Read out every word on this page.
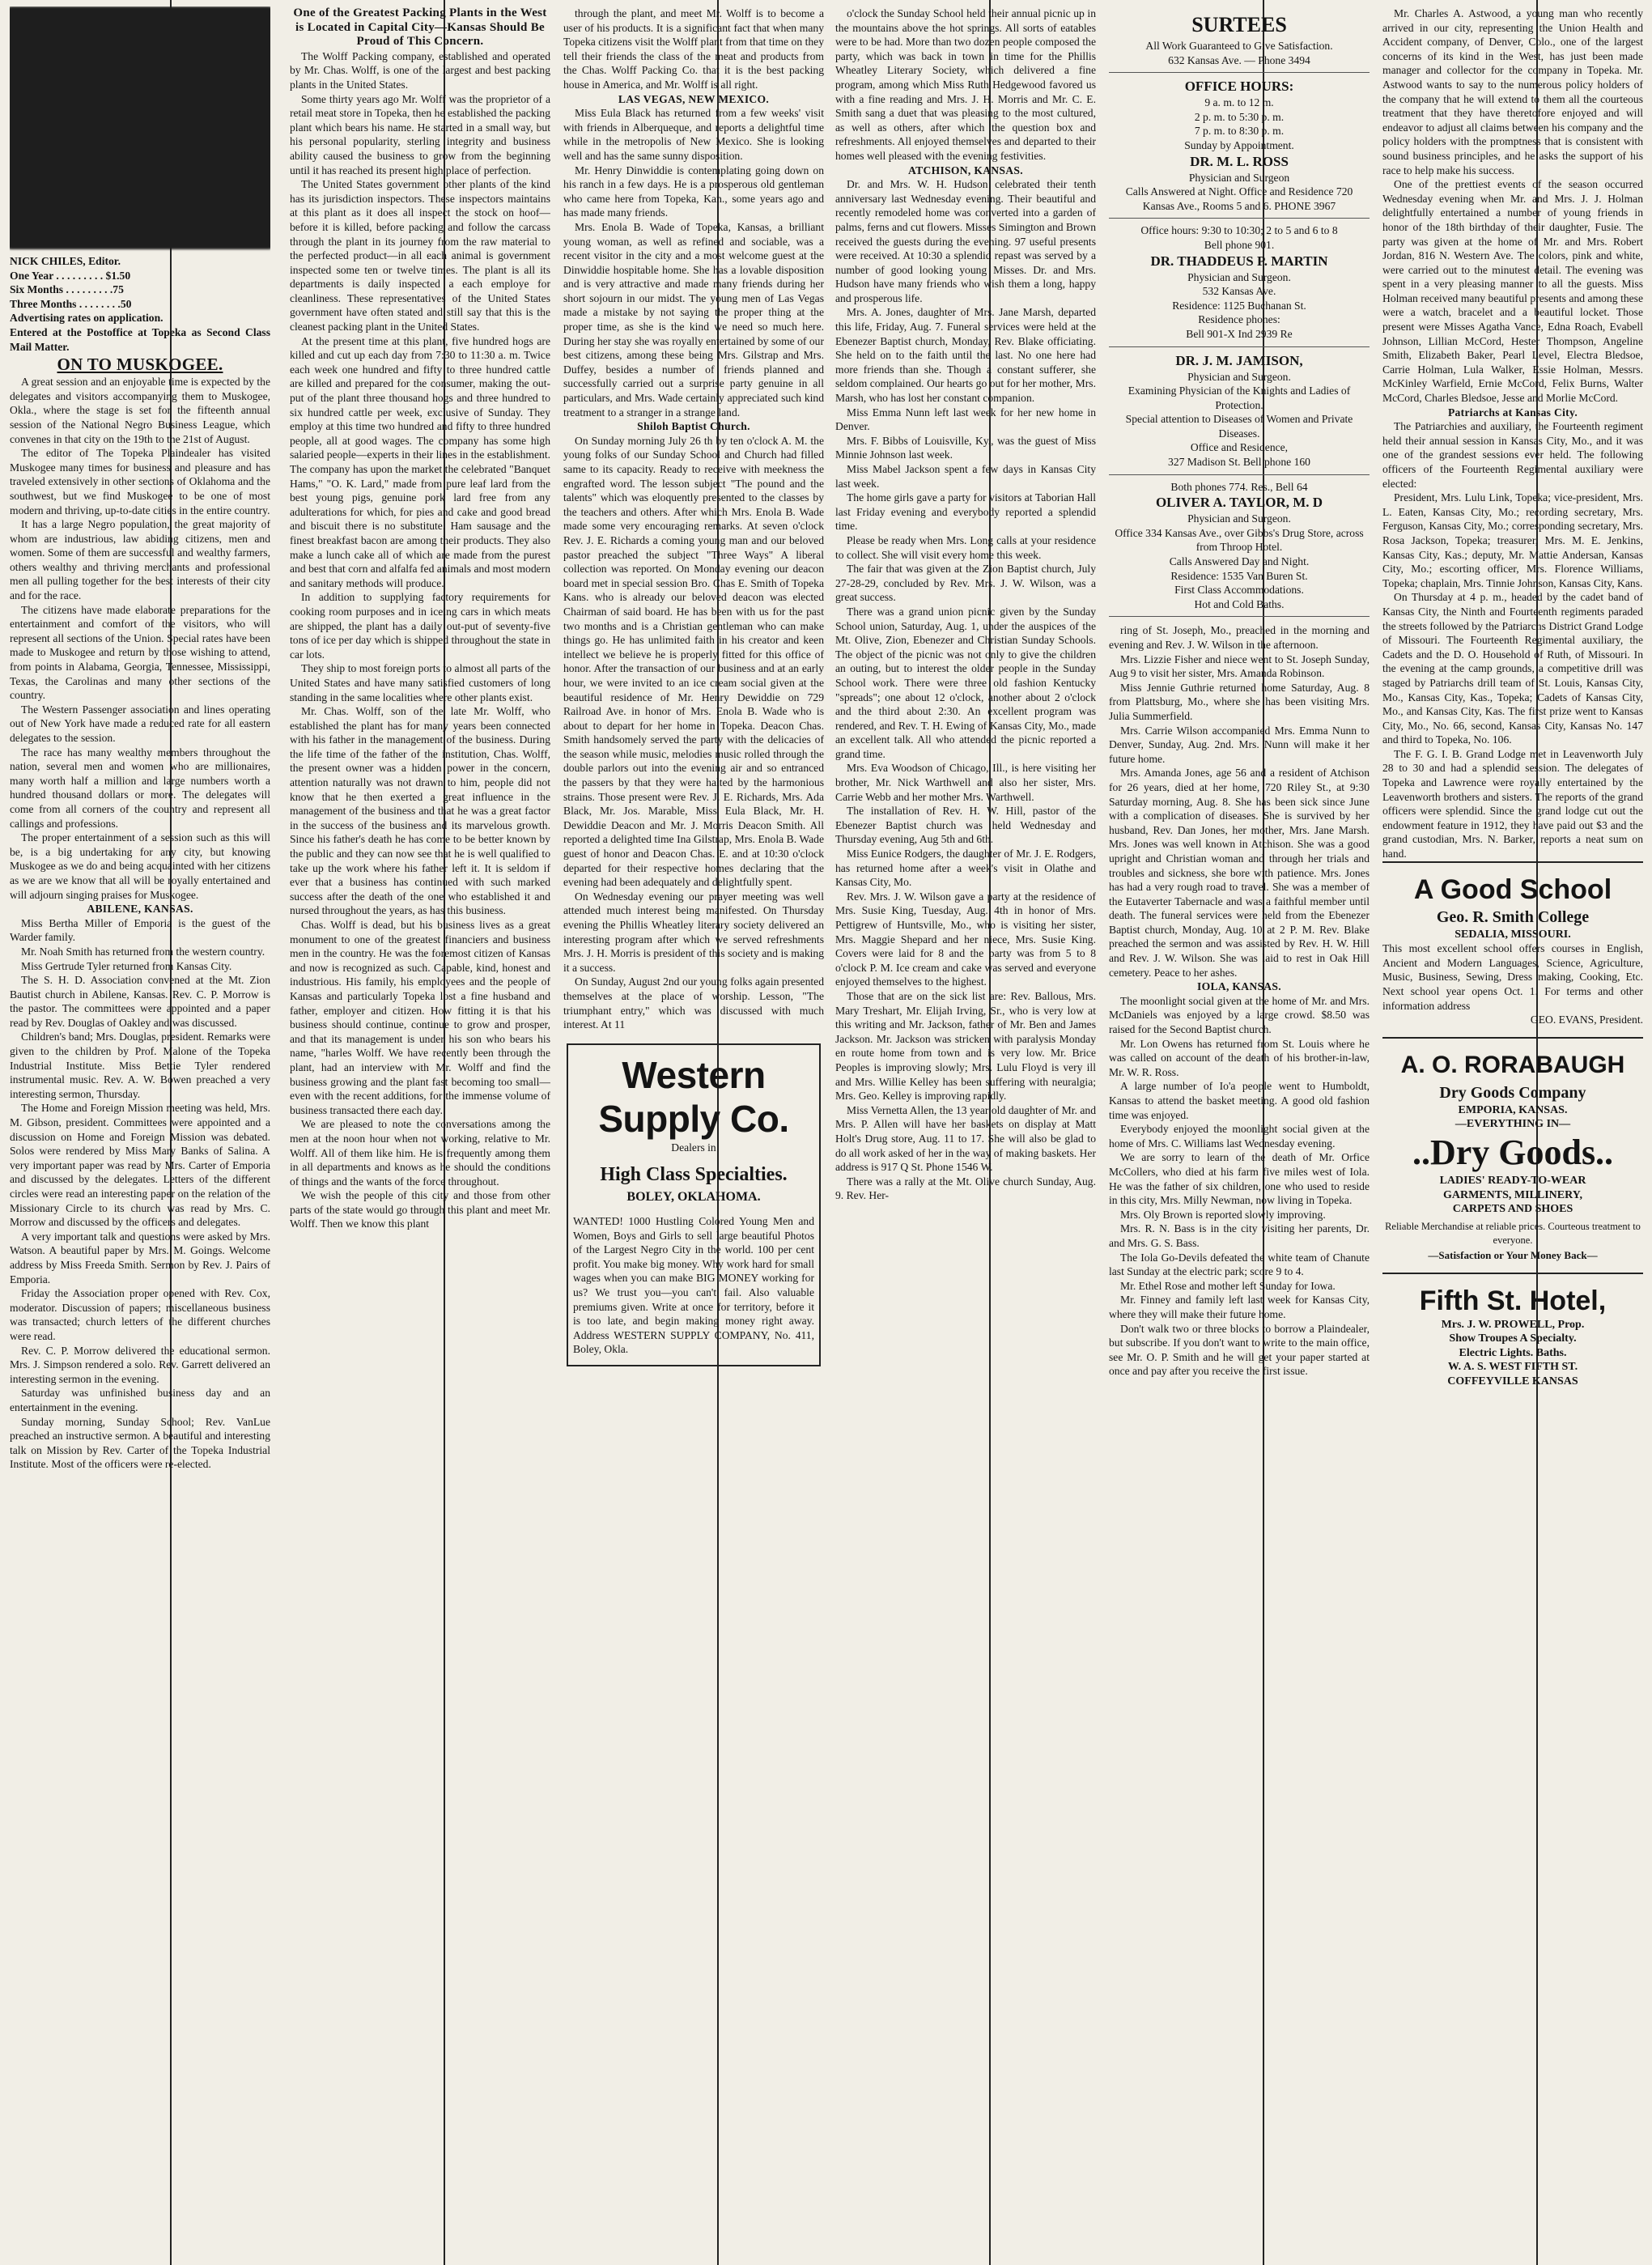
NICK CHILES, Editor.

One Year . . . . . . . . . $1.50

Six Months . . . . . . . . .75

Three Months . . . . . . . .50

Advertising rates on application.

Entered at the Postoffice at Topeka as Second Class Mail Matter.

ON TO MUSKOGEE.

A great session and an enjoyable time is expected by the delegates and visitors accompanying them to Muskogee, Okla., where the stage is set for the fifteenth annual session of the National Negro Business League, which convenes in that city on the 19th to the 21st of August.

The editor of The Topeka Plaindealer has visited Muskogee many times for business and pleasure and has traveled extensively in other sections of Oklahoma and the southwest, but we find Muskogee to be one of most modern and thriving, up-to-date cities in the entire country.

It has a large Negro population, the great majority of whom are industrious, law abiding citizens, men and women. Some of them are successful and wealthy farmers, others wealthy and thriving merchants and professional men all pulling together for the best interests of their city and for the race.

The citizens have made elaborate preparations for the entertainment and comfort of the visitors, who will represent all sections of the Union. Special rates have been made to Muskogee and return by those wishing to attend, from points in Alabama, Georgia, Tennessee, Mississippi, Texas, the Carolinas and many other sections of the country.

The Western Passenger association and lines operating out of New York have made a reduced rate for all eastern delegates to the session.

The race has many wealthy members throughout the nation, several men and women who are millionaires, many worth half a million and large numbers worth a hundred thousand dollars or more. The delegates will come from all corners of the country and represent all callings and professions.

The proper entertainment of a session such as this will be, is a big undertaking for any city, but knowing Muskogee as we do and being acquainted with her citizens as we are we know that all will be royally entertained and will adjourn singing praises for Muskogee.

ABILENE, KANSAS.

Miss Bertha Miller of Emporia is the guest of the Warder family.

Mr. Noah Smith has returned from the western country.

Miss Gertrude Tyler returned from Kansas City.

The S. H. D. Association convened at the Mt. Zion Bautist church in Abilene, Kansas. Rev. C. P. Morrow is the pastor. The committees were appointed and a paper read by Rev. Douglas of Oakley and was discussed.

Children's band; Mrs. Douglas, president. Remarks were given to the children by Prof. Malone of the Topeka Industrial Institute. Miss Bettie Tyler rendered instrumental music. Rev. A. W. Bowen preached a very interesting sermon, Thursday.

The Home and Foreign Mission meeting was held, Mrs. M. Gibson, president. Committees were appointed and a discussion on Home and Foreign Mission was debated. Solos were rendered by Miss Mary Banks of Salina. A very important paper was read by Mrs. Carter of Emporia and discussed by the delegates. Letters of the different circles were read an interesting paper on the relation of the Missionary Circle to its church was read by Mrs. C. Morrow and discussed by the officers and delegates.

A very important talk and questions were asked by Mrs. Watson. A beautiful paper by Mrs. M. Goings. Welcome address by Miss Freeda Smith. Sermon by Rev. J. Pairs of Emporia.

Friday the Association proper opened with Rev. Cox, moderator. Discussion of papers; miscellaneous business was transacted; church letters of the different churches were read.

Rev. C. P. Morrow delivered the educational sermon. Mrs. J. Simpson rendered a solo. Rev. Garrett delivered an interesting sermon in the evening.

Saturday was unfinished business day and an entertainment in the evening.

Sunday morning, Sunday School; Rev. VanLue preached an instructive sermon. A beautiful and interesting talk on Mission by Rev. Carter of the Topeka Industrial Institute. Most of the officers were re-elected.

One of the Greatest Packing Plants in the West is Located in Capital City—Kansas Should Be Proud of This Concern.

The Wolff Packing company, established and operated by Mr. Chas. Wolff, is one of the largest and best packing plants in the United States.

Some thirty years ago Mr. Wolff was the proprietor of a retail meat store in Topeka, then he established the packing plant which bears his name. He started in a small way, but his personal popularity, sterling integrity and business ability caused the business to grow from the beginning until it has reached its present high place of perfection.

The United States government other plants of the kind has its jurisdiction inspectors. These inspectors maintains at this plant as it does all inspect the stock on hoof—before it is killed, before packing and follow the carcass through the plant in its journey from the raw material to the perfected product—in all each animal is government inspected some ten or twelve times. The plant is all its departments is daily inspected a each employe for cleanliness. These representatives of the United States government have often stated and still say that this is the cleanest packing plant in the United States.

At the present time at this plant, five hundred hogs are killed and cut up each day from 7:30 to 11:30 a. m. Twice each week one hundred and fifty to three hundred cattle are killed and prepared for the consumer, making the out-put of the plant three thousand hogs and three hundred to six hundred cattle per week, exclusive of Sunday. They employ at this time two hundred and fifty to three hundred people, all at good wages. The company has some high salaried people—experts in their lines in the establishment. The company has upon the market the celebrated "Banquet Hams," "O. K. Lard," made from pure leaf lard from the best young pigs, genuine pork lard free from any adulterations for which, for pies and cake and good bread and biscuit there is no substitute. Ham sausage and the finest breakfast bacon are among their products. They also make a lunch cake all of which are made from the purest and best that corn and alfalfa fed animals and most modern and sanitary methods will produce.

In addition to supplying factory requirements for cooking room purposes and in iceing cars in which meats are shipped, the plant has a daily out-put of seventy-five tons of ice per day which is shipped throughout the state in car lots.

They ship to most foreign ports to almost all parts of the United States and have many satisfied customers of long standing in the same localities where other plants exist.

Mr. Chas. Wolff, son of the late Mr. Wolff, who established the plant has for many years been connected with his father in the management of the business. During the life time of the father of the institution, Chas. Wolff, the present owner was a hidden power in the concern, attention naturally was not drawn to him, people did not know that he then exerted a great influence in the management of the business and that he was a great factor in the success of the business and its marvelous growth. Since his father's death he has come to be better known by the public and they can now see that he is well qualified to take up the work where his father left it. It is seldom if ever that a business has continued with such marked success after the death of the one who established it and nursed throughout the years, as has this business.

Chas. Wolff is dead, but his business lives as a great monument to one of the greatest financiers and business men in the country. He was the foremost citizen of Kansas and now is recognized as such. Capable, kind, honest and industrious. His family, his employees and the people of Kansas and particularly Topeka lost a fine husband and father, employer and citizen. How fitting it is that his business should continue, continue to grow and prosper, and that its management is under his son who bears his name, "harles Wolff. We have recently been through the plant, had an interview with Mr. Wolff and find the business growing and the plant fast becoming too small—even with the recent additions, for the immense volume of business transacted there each day.

We are pleased to note the conversations among the men at the noon hour when not working, relative to Mr. Wolff. All of them like him. He is frequently among them in all departments and knows as he should the conditions of things and the wants of the force throughout.

We wish the people of this city and those from other parts of the state would go through this plant and meet Mr. Wolff. Then we know this plant

through the plant, and meet Mr. Wolff is to become a user of his products. It is a significant fact that when many Topeka citizens visit the Wolff plant from that time on they tell their friends the class of the meat and products from the Chas. Wolff Packing Co. that it is the best packing house in America, and Mr. Wolff is all right.

LAS VEGAS, NEW MEXICO.

Miss Eula Black has returned from a few weeks' visit with friends in Alberqueque, and reports a delightful time while in the metropolis of New Mexico. She is looking well and has the same sunny disposition.

Mr. Henry Dinwiddie is contemplating going down on his ranch in a few days. He is a prosperous old gentleman who came here from Topeka, Kan., some years ago and has made many friends.

Mrs. Enola B. Wade of Topeka, Kansas, a brilliant young woman, as well as refined and sociable, was a recent visitor in the city and a most welcome guest at the Dinwiddie hospitable home. She has a lovable disposition and is very attractive and made many friends during her short sojourn in our midst. The young men of Las Vegas made a mistake by not saying the proper thing at the proper time, as she is the kind we need so much here. During her stay she was royally entertained by some of our best citizens, among these being Mrs. Gilstrap and Mrs. Duffey, besides a number of friends planned and successfully carried out a surprise party genuine in all particulars, and Mrs. Wade certainly appreciated such kind treatment to a stranger in a strange land.

Shiloh Baptist Church.

On Sunday morning July 26 th by ten o'clock A. M. the young folks of our Sunday School and Church had filled same to its capacity. Ready to receive with meekness the engrafted word. The lesson subject "The pound and the talents" which was eloquently presented to the classes by the teachers and others. After which Mrs. Enola B. Wade made some very encouraging remarks. At seven o'clock Rev. J. E. Richards a coming young man and our beloved pastor preached the subject "Three Ways" A liberal collection was reported. On Monday evening our deacon board met in special session Bro. Chas E. Smith of Topeka Kans. who is already our beloved deacon was elected Chairman of said board. He has been with us for the past two months and is a Christian gentleman who can make things go. He has unlimited faith in his creator and keen intellect we believe he is properly fitted for this office of honor. After the transaction of our business and at an early hour, we were invited to an ice cream social given at the beautiful residence of Mr. Henry Dewiddie on 729 Railroad Ave. in honor of Mrs. Enola B. Wade who is about to depart for her home in Topeka. Deacon Chas. Smith handsomely served the party with the delicacies of the season while music, melodies music rolled through the double parlors out into the evening air and so entranced the passers by that they were halted by the harmonious strains. Those present were Rev. J. E. Richards, Mrs. Ada Black, Mr. Jos. Marable, Miss Eula Black, Mr. H. Dewiddie Deacon and Mr. J. Morris Deacon Smith. All reported a delighted time Ina Gilstrap, Mrs. Enola B. Wade guest of honor and Deacon Chas. E. and at 10:30 o'clock departed for their respective homes declaring that the evening had been adequately and delightfully spent.

On Wednesday evening our prayer meeting was well attended much interest being manifested. On Thursday evening the Phillis Wheatley literary society delivered an interesting program after which we served refreshments Mrs. J. H. Morris is president of this society and is making it a success.

On Sunday, August 2nd our young folks again presented themselves at the place of worship. Lesson, "The triumphant entry," which was discussed with much interest. At 11

Western Supply Co.
Dealers in
High Class Specialties.
BOLEY, OKLAHOMA.
WANTED! 1000 Hustling Colored Young Men and Women, Boys and Girls to sell large beautiful Photos of the Largest Negro City in the world. 100 per cent profit. You make big money. Why work hard for small wages when you can make BIG MONEY working for us? We trust you—you can't fail. Also valuable premiums given. Write at once for territory, before it is too late, and begin making money right away. Address WESTERN SUPPLY COMPANY, No. 411, Boley, Okla.

o'clock the Sunday School held their annual picnic up in the mountains above the hot springs. All sorts of eatables were to be had. More than two dozen people composed the party, which was back in town in time for the Phillis Wheatley Literary Society, which delivered a fine program, among which Miss Ruth Hedgewood favored us with a fine reading and Mrs. J. H. Morris and Mr. C. E. Smith sang a duet that was pleasing to the most cultured, as well as others, after which the question box and refreshments. All enjoyed themselves and departed to their homes well pleased with the evening festivities.

ATCHISON, KANSAS.

Dr. and Mrs. W. H. Hudson celebrated their tenth anniversary last Wednesday evening. Their beautiful and recently remodeled home was converted into a garden of palms, ferns and cut flowers. Misses Simington and Brown received the guests during the evening. 97 useful presents were received. At 10:30 a splendid repast was served by a number of good looking young Misses. Dr. and Mrs. Hudson have many friends who wish them a long, happy and prosperous life.

Mrs. A. Jones, daughter of Mrs. Jane Marsh, departed this life, Friday, Aug. 7. Funeral services were held at the Ebenezer Baptist church, Monday, Rev. Blake officiating. She held on to the faith until the last. No one here had more friends than she. Though a constant sufferer, she seldom complained. Our hearts go out for her mother, Mrs. Marsh, who has lost her constant companion.

Miss Emma Nunn left last week for her new home in Denver.

Mrs. F. Bibbs of Louisville, Ky., was the guest of Miss Minnie Johnson last week.

Miss Mabel Jackson spent a few days in Kansas City last week.

The home girls gave a party for visitors at Taborian Hall last Friday evening and everybody reported a splendid time.

Please be ready when Mrs. Long calls at your residence to collect. She will visit every home this week.

The fair that was given at the Zion Baptist church, July 27-28-29, concluded by Rev. Mrs. J. W. Wilson, was a great success.

There was a grand union picnic given by the Sunday School union, Saturday, Aug. 1, under the auspices of the Mt. Olive, Zion, Ebenezer and Christian Sunday Schools. The object of the picnic was not only to give the children an outing, but to interest the older people in the Sunday School work. There were three old fashion Kentucky "spreads"; one about 12 o'clock, another about 2 o'clock and the third about 2:30. An excellent program was rendered, and Rev. T. H. Ewing of Kansas City, Mo., made an excellent talk. All who attended the picnic reported a grand time.

Mrs. Eva Woodson of Chicago, Ill., is here visiting her brother, Mr. Nick Warthwell and also her sister, Mrs. Carrie Webb and her mother Mrs. Warthwell.

The installation of Rev. H. W. Hill, pastor of the Ebenezer Baptist church was held Wednesday and Thursday evening, Aug 5th and 6th.

Miss Eunice Rodgers, the daughter of Mr. J. E. Rodgers, has returned home after a week's visit in Olathe and Kansas City, Mo.

Rev. Mrs. J. W. Wilson gave a party at the residence of Mrs. Susie King, Tuesday, Aug. 4th in honor of Mrs. Pettigrew of Huntsville, Mo., who is visiting her sister, Mrs. Maggie Shepard and her niece, Mrs. Susie King. Covers were laid for 8 and the party was from 5 to 8 o'clock P. M. Ice cream and cake was served and everyone enjoyed themselves to the highest.

Those that are on the sick list are: Rev. Ballous, Mrs. Mary Treshart, Mr. Elijah Irving, Sr., who is very low at this writing and Mr. Jackson, father of Mr. Ben and James Jackson. Mr. Jackson was stricken with paralysis Monday en route home from town and is very low. Mr. Brice Peoples is improving slowly; Mrs. Lulu Floyd is very ill and Mrs. Willie Kelley has been suffering with neuralgia; Mrs. Geo. Kelley is improving rapidly.

Miss Vernetta Allen, the 13 year old daughter of Mr. and Mrs. P. Allen will have her baskets on display at Matt Holt's Drug store, Aug. 11 to 17. She will also be glad to do all work asked of her in the way of making baskets. Her address is 917 Q St. Phone 1546 W.

There was a rally at the Mt. Olive church Sunday, Aug. 9. Rev. Her-

SURTEES
All Work Guaranteed to Give Satisfaction.
632 Kansas Ave. — Phone 3494
OFFICE HOURS:
9 a. m. to 12 m.
2 p. m. to 5:30 p. m.
7 p. m. to 8:30 p. m.
Sunday by Appointment.
DR. M. L. ROSS
Physician and Surgeon
Calls Answered at Night. Office and Residence 720 Kansas Ave., Rooms 5 and 6. PHONE 3967
Office hours: 9:30 to 10:30; 2 to 5 and 6 to 8
Bell phone 901.
DR. THADDEUS P. MARTIN
Physician and Surgeon.
532 Kansas Ave.
Residence: 1125 Buchanan St.
Residence phones:
Bell 901-X Ind 2939 Re
DR. J. M. JAMISON,
Physician and Surgeon.
Examining Physician of the Knights and Ladies of Protection.
Special attention to Diseases of Women and Private Diseases.
Office and Residence,
327 Madison St. Bell phone 160
Both phones 774. Res., Bell 64
OLIVER A. TAYLOR, M. D
Physician and Surgeon.
Office 334 Kansas Ave., over Gibbs's Drug Store, across from Throop Hotel.
Calls Answered Day and Night.
Residence: 1535 Van Buren St.
First Class Accommodations.
Hot and Cold Baths.

ring of St. Joseph, Mo., preached in the morning and evening and Rev. J. W. Wilson in the afternoon.

Mrs. Lizzie Fisher and niece went to St. Joseph Sunday, Aug 9 to visit her sister, Mrs. Amanda Robinson.

Miss Jennie Guthrie returned home Saturday, Aug. 8 from Plattsburg, Mo., where she has been visiting Mrs. Julia Summerfield.

Mrs. Carrie Wilson accompanied Mrs. Emma Nunn to Denver, Sunday, Aug. 2nd. Mrs. Nunn will make it her future home.

Mrs. Amanda Jones, age 56 and a resident of Atchison for 26 years, died at her home, 720 Riley St., at 9:30 Saturday morning, Aug. 8. She has been sick since June with a complication of diseases. She is survived by her husband, Rev. Dan Jones, her mother, Mrs. Jane Marsh. Mrs. Jones was well known in Atchison. She was a good upright and Christian woman and through her trials and troubles and sickness, she bore with patience. Mrs. Jones has had a very rough road to travel. She was a member of the Eutaverter Tabernacle and was a faithful member until death. The funeral services were held from the Ebenezer Baptist church, Monday, Aug. 10 at 2 P. M. Rev. Blake preached the sermon and was assisted by Rev. H. W. Hill and Rev. J. W. Wilson. She was laid to rest in Oak Hill cemetery. Peace to her ashes.

IOLA, KANSAS.

The moonlight social given at the home of Mr. and Mrs. McDaniels was enjoyed by a large crowd. $8.50 was raised for the Second Baptist church.

Mr. Lon Owens has returned from St. Louis where he was called on account of the death of his brother-in-law, Mr. W. R. Ross.

A large number of Io'a people went to Humboldt, Kansas to attend the basket meeting. A good old fashion time was enjoyed.

Everybody enjoyed the moonlight social given at the home of Mrs. C. Williams last Wednesday evening.

We are sorry to learn of the death of Mr. Orfice McCollers, who died at his farm five miles west of Iola. He was the father of six children, one who used to reside in this city, Mrs. Milly Newman, now living in Topeka.

Mrs. Oly Brown is reported slowly improving.

Mrs. R. N. Bass is in the city visiting her parents, Dr. and Mrs. G. S. Bass.

The Iola Go-Devils defeated the white team of Chanute last Sunday at the electric park; score 9 to 4.

Mr. Ethel Rose and mother left Sunday for Iowa.

Mr. Finney and family left last week for Kansas City, where they will make their future home.

Don't walk two or three blocks to borrow a Plaindealer, but subscribe. If you don't want to write to the main office, see Mr. O. P. Smith and he will get your paper started at once and pay after you receive the first issue.

Mr. Charles A. Astwood, a young man who recently arrived in our city, representing the Union Health and Accident company, of Denver, Colo., one of the largest concerns of its kind in the West, has just been made manager and collector for the company in Topeka. Mr. Astwood wants to say to the numerous policy holders of the company that he will extend to them all the courteous treatment that they have theretofore enjoyed and will endeavor to adjust all claims between his company and the policy holders with the promptness that is consistent with sound business principles, and he asks the support of his race to help make his success.

One of the prettiest events of the season occurred Wednesday evening when Mr. and Mrs. J. J. Holman delightfully entertained a number of young friends in honor of the 18th birthday of their daughter, Fusie. The party was given at the home of Mr. and Mrs. Robert Jordan, 816 N. Western Ave. The colors, pink and white, were carried out to the minutest detail. The evening was spent in a very pleasing manner to all the guests. Miss Holman received many beautiful presents and among these were a watch, bracelet and a beautiful locket. Those present were Misses Agatha Vance, Edna Roach, Evabell Johnson, Lillian McCord, Hester Thompson, Angeline Smith, Elizabeth Baker, Pearl Level, Electra Bledsoe, Carrie Holman, Lula Walker, Essie Holman, Messrs. McKinley Warfield, Ernie McCord, Felix Burns, Walter McCord, Charles Bledsoe, Jesse and Morlie McCord.

Patriarchs at Kansas City.

The Patriarchies and auxiliary, the Fourteenth regiment held their annual session in Kansas City, Mo., and it was one of the grandest sessions ever held. The following officers of the Fourteenth Regimental auxiliary were elected:

President, Mrs. Lulu Link, Topeka; vice-president, Mrs. L. Eaten, Kansas City, Mo.; recording secretary, Mrs. Ferguson, Kansas City, Mo.; corresponding secretary, Mrs. Rosa Jackson, Topeka; treasurer, Mrs. M. E. Jenkins, Kansas City, Kas.; deputy, Mr. Mattie Andersan, Kansas City, Mo.; escorting officer, Mrs. Florence Williams, Topeka; chaplain, Mrs. Tinnie Johnson, Kansas City, Kans.

On Thursday at 4 p. m., headed by the cadet band of Kansas City, the Ninth and Fourteenth regiments paraded the streets followed by the Patriarchs District Grand Lodge of Missouri. The Fourteenth Regimental auxiliary, the Cadets and the D. O. Household of Ruth, of Missouri. In the evening at the camp grounds, a competitive drill was staged by Patriarchs drill team of St. Louis, Kansas City, Mo., Kansas City, Kas., Topeka; Cadets of Kansas City, Mo., and Kansas City, Kas. The first prize went to Kansas City, Mo., No. 66, second, Kansas City, Kansas No. 147 and third to Topeka, No. 106.

The F. G. I. B. Grand Lodge met in Leavenworth July 28 to 30 and had a splendid session. The delegates of Topeka and Lawrence were royally entertained by the Leavenworth brothers and sisters. The reports of the grand officers were splendid. Since the grand lodge cut out the endowment feature in 1912, they have paid out $3 and the grand custodian, Mrs. N. Barker, reports a neat sum on hand.

A Good School
Geo. R. Smith College
SEDALIA, MISSOURI.

This most excellent school offers courses in English, Ancient and Modern Languages, Science, Agriculture, Music, Business, Sewing, Dress making, Cooking, Etc. Next school year opens Oct. 1. For terms and other information address

GEO. EVANS, President.
A. O. RORABAUGH
Dry Goods Company
EMPORIA, KANSAS.
—EVERYTHING IN—
..Dry Goods..
LADIES' READY-TO-WEAR
GARMENTS, MILLINERY,
CARPETS AND SHOES
Reliable Merchandise at reliable prices. Courteous treatment to everyone.
—Satisfaction or Your Money Back—
Fifth St. Hotel,
Mrs. J. W. PROWELL, Prop.
Show Troupes A Specialty.
Electric Lights. Baths.
W. A. S. WEST FIFTH ST.
COFFEYVILLE KANSAS
